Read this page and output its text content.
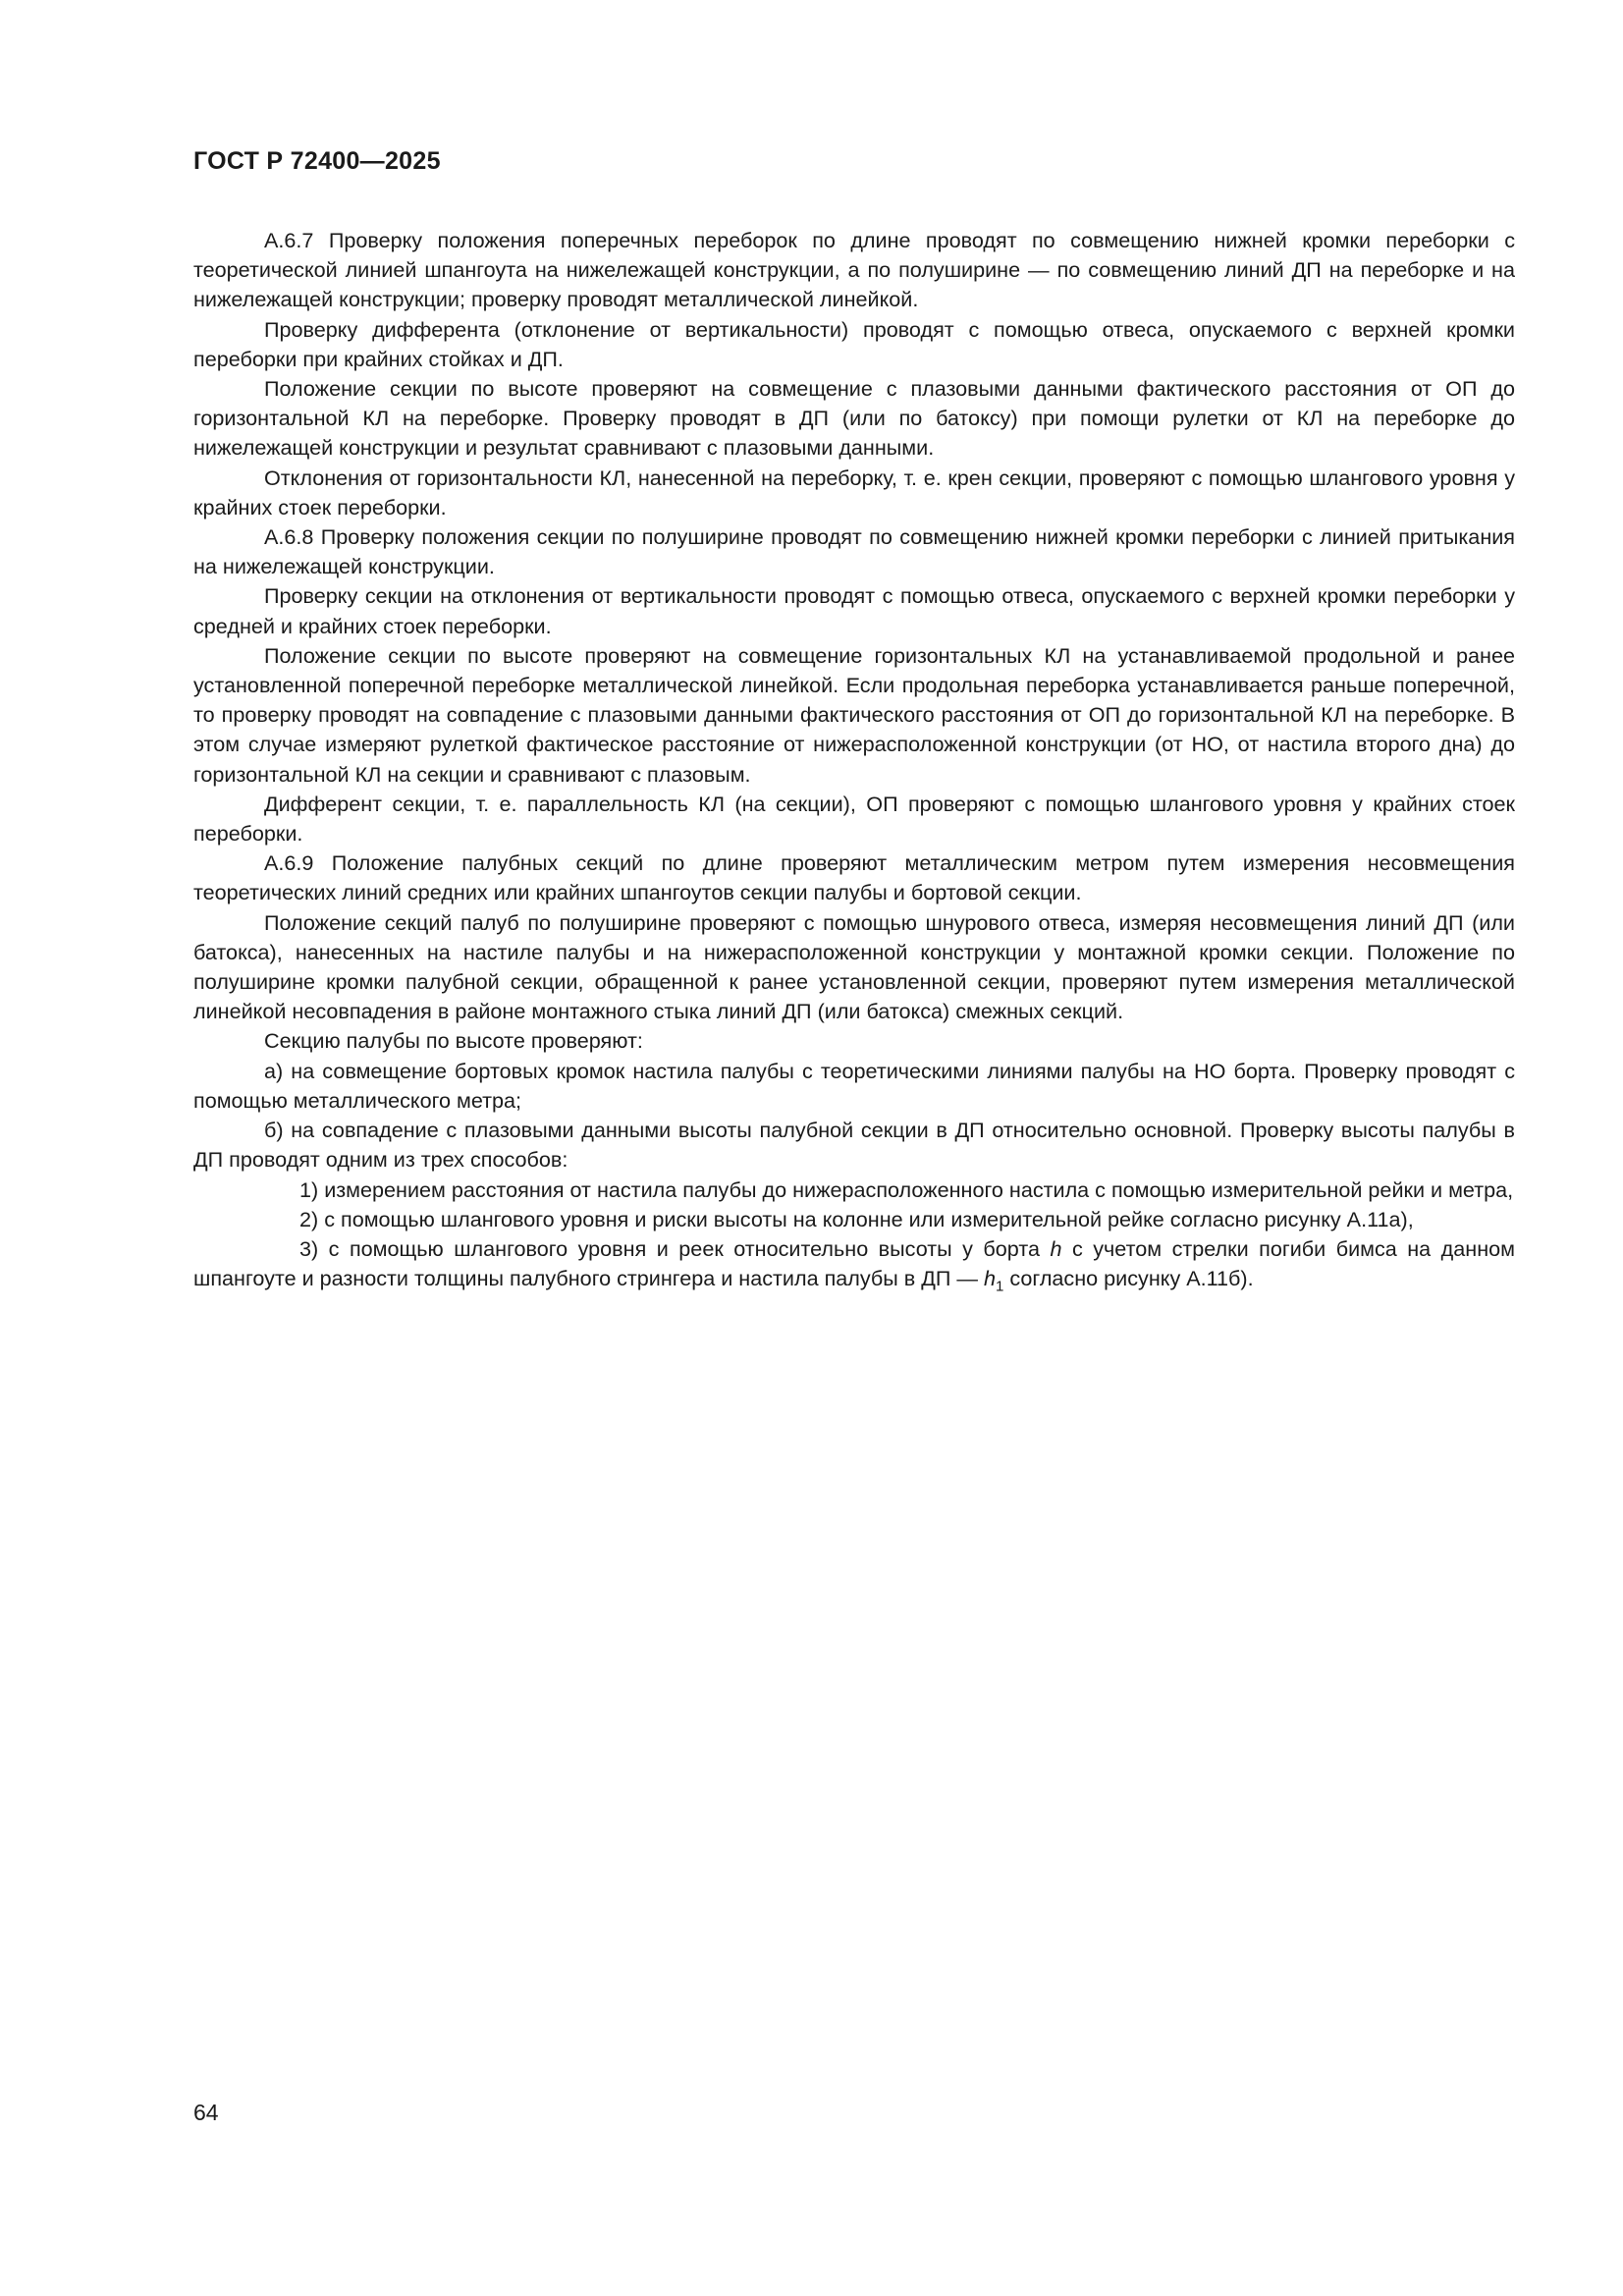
ГОСТ Р 72400—2025

А.6.7 Проверку положения поперечных переборок по длине проводят по совмещению нижней кромки переборки с теоретической линией шпангоута на нижележащей конструкции, а по полуширине — по совмещению линий ДП на переборке и на нижележащей конструкции; проверку проводят металлической линейкой.

Проверку дифферента (отклонение от вертикальности) проводят с помощью отвеса, опускаемого с верхней кромки переборки при крайних стойках и ДП.

Положение секции по высоте проверяют на совмещение с плазовыми данными фактического расстояния от ОП до горизонтальной КЛ на переборке. Проверку проводят в ДП (или по батоксу) при помощи рулетки от КЛ на переборке до нижележащей конструкции и результат сравнивают с плазовыми данными.

Отклонения от горизонтальности КЛ, нанесенной на переборку, т. е. крен секции, проверяют с помощью шлангового уровня у крайних стоек переборки.

А.6.8 Проверку положения секции по полуширине проводят по совмещению нижней кромки переборки с линией притыкания на нижележащей конструкции.

Проверку секции на отклонения от вертикальности проводят с помощью отвеса, опускаемого с верхней кромки переборки у средней и крайних стоек переборки.

Положение секции по высоте проверяют на совмещение горизонтальных КЛ на устанавливаемой продольной и ранее установленной поперечной переборке металлической линейкой. Если продольная переборка устанавливается раньше поперечной, то проверку проводят на совпадение с плазовыми данными фактического расстояния от ОП до горизонтальной КЛ на переборке. В этом случае измеряют рулеткой фактическое расстояние от нижерасположенной конструкции (от НО, от настила второго дна) до горизонтальной КЛ на секции и сравнивают с плазовым.

Дифферент секции, т. е. параллельность КЛ (на секции), ОП проверяют с помощью шлангового уровня у крайних стоек переборки.

А.6.9 Положение палубных секций по длине проверяют металлическим метром путем измерения несовмещения теоретических линий средних или крайних шпангоутов секции палубы и бортовой секции.

Положение секций палуб по полуширине проверяют с помощью шнурового отвеса, измеряя несовмещения линий ДП (или батокса), нанесенных на настиле палубы и на нижерасположенной конструкции у монтажной кромки секции. Положение по полуширине кромки палубной секции, обращенной к ранее установленной секции, проверяют путем измерения металлической линейкой несовпадения в районе монтажного стыка линий ДП (или батокса) смежных секций.

Секцию палубы по высоте проверяют:

а) на совмещение бортовых кромок настила палубы с теоретическими линиями палубы на НО борта. Проверку проводят с помощью металлического метра;

б) на совпадение с плазовыми данными высоты палубной секции в ДП относительно основной. Проверку высоты палубы в ДП проводят одним из трех способов:

1) измерением расстояния от настила палубы до нижерасположенного настила с помощью измерительной рейки и метра,

2) с помощью шлангового уровня и риски высоты на колонне или измерительной рейке согласно рисунку А.11а),

3) с помощью шлангового уровня и реек относительно высоты у борта h с учетом стрелки погиби бимса на данном шпангоуте и разности толщины палубного стрингера и настила палубы в ДП — $h_1$ согласно рисунку А.11б).

64
